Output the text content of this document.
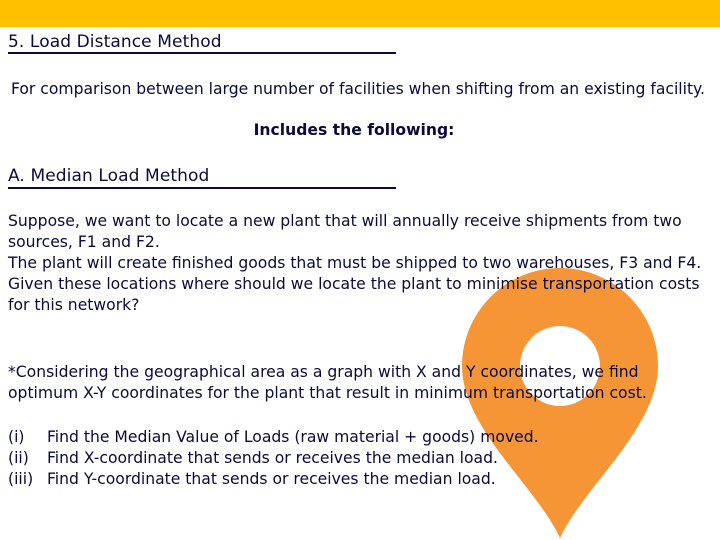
5. Load Distance Method
For comparison between large number of facilities when shifting from an existing facility.
Includes the following:
A. Median Load Method
Suppose, we want to locate a new plant that will annually receive shipments from two sources, F1 and F2.
The plant will create finished goods that must be shipped to two warehouses, F3 and F4.
Given these locations where should we locate the plant to minimise transportation costs for this network?
*Considering the geographical area as a graph with X and Y coordinates, we find optimum X-Y coordinates for the plant that result in minimum transportation cost.
(i) Find the Median Value of Loads (raw material + goods) moved.
(ii) Find X-coordinate that sends or receives the median load.
(iii) Find Y-coordinate that sends or receives the median load.
